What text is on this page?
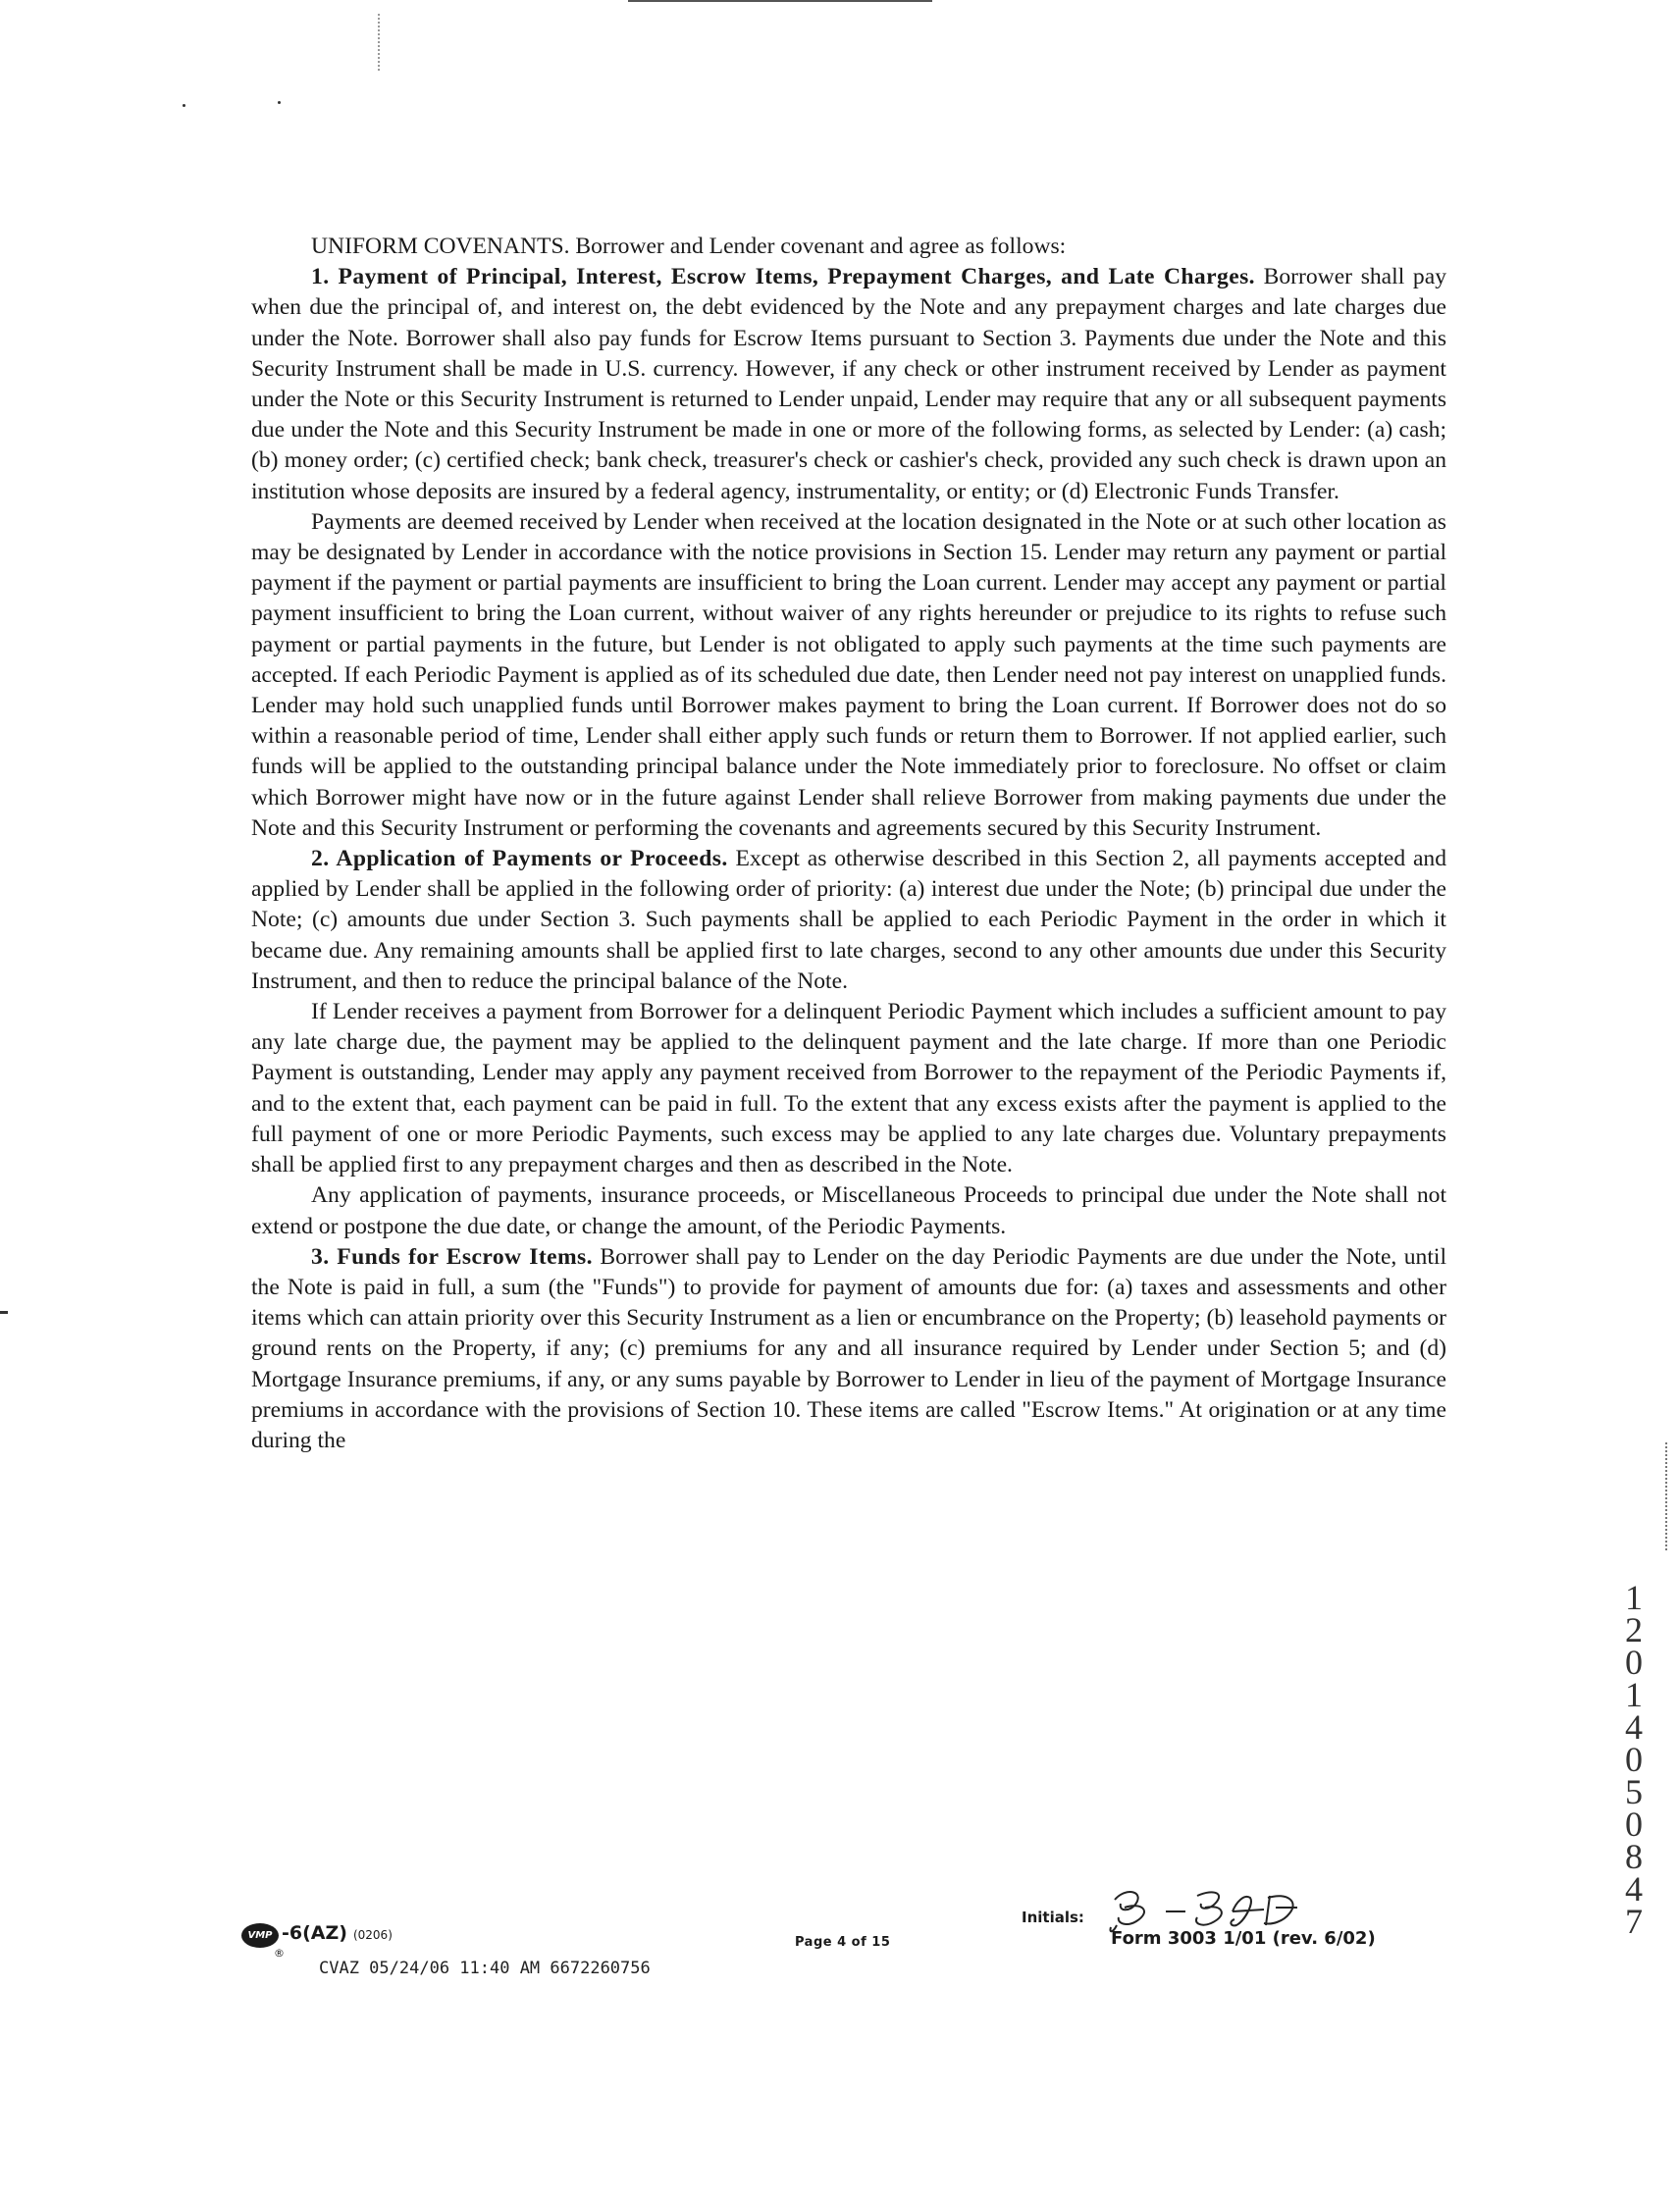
UNIFORM COVENANTS. Borrower and Lender covenant and agree as follows:

1. Payment of Principal, Interest, Escrow Items, Prepayment Charges, and Late Charges. Borrower shall pay when due the principal of, and interest on, the debt evidenced by the Note and any prepayment charges and late charges due under the Note. Borrower shall also pay funds for Escrow Items pursuant to Section 3. Payments due under the Note and this Security Instrument shall be made in U.S. currency. However, if any check or other instrument received by Lender as payment under the Note or this Security Instrument is returned to Lender unpaid, Lender may require that any or all subsequent payments due under the Note and this Security Instrument be made in one or more of the following forms, as selected by Lender: (a) cash; (b) money order; (c) certified check; bank check, treasurer's check or cashier's check, provided any such check is drawn upon an institution whose deposits are insured by a federal agency, instrumentality, or entity; or (d) Electronic Funds Transfer.

Payments are deemed received by Lender when received at the location designated in the Note or at such other location as may be designated by Lender in accordance with the notice provisions in Section 15. Lender may return any payment or partial payment if the payment or partial payments are insufficient to bring the Loan current. Lender may accept any payment or partial payment insufficient to bring the Loan current, without waiver of any rights hereunder or prejudice to its rights to refuse such payment or partial payments in the future, but Lender is not obligated to apply such payments at the time such payments are accepted. If each Periodic Payment is applied as of its scheduled due date, then Lender need not pay interest on unapplied funds. Lender may hold such unapplied funds until Borrower makes payment to bring the Loan current. If Borrower does not do so within a reasonable period of time, Lender shall either apply such funds or return them to Borrower. If not applied earlier, such funds will be applied to the outstanding principal balance under the Note immediately prior to foreclosure. No offset or claim which Borrower might have now or in the future against Lender shall relieve Borrower from making payments due under the Note and this Security Instrument or performing the covenants and agreements secured by this Security Instrument.

2. Application of Payments or Proceeds. Except as otherwise described in this Section 2, all payments accepted and applied by Lender shall be applied in the following order of priority: (a) interest due under the Note; (b) principal due under the Note; (c) amounts due under Section 3. Such payments shall be applied to each Periodic Payment in the order in which it became due. Any remaining amounts shall be applied first to late charges, second to any other amounts due under this Security Instrument, and then to reduce the principal balance of the Note.

If Lender receives a payment from Borrower for a delinquent Periodic Payment which includes a sufficient amount to pay any late charge due, the payment may be applied to the delinquent payment and the late charge. If more than one Periodic Payment is outstanding, Lender may apply any payment received from Borrower to the repayment of the Periodic Payments if, and to the extent that, each payment can be paid in full. To the extent that any excess exists after the payment is applied to the full payment of one or more Periodic Payments, such excess may be applied to any late charges due. Voluntary prepayments shall be applied first to any prepayment charges and then as described in the Note.

Any application of payments, insurance proceeds, or Miscellaneous Proceeds to principal due under the Note shall not extend or postpone the due date, or change the amount, of the Periodic Payments.

3. Funds for Escrow Items. Borrower shall pay to Lender on the day Periodic Payments are due under the Note, until the Note is paid in full, a sum (the "Funds") to provide for payment of amounts due for: (a) taxes and assessments and other items which can attain priority over this Security Instrument as a lien or encumbrance on the Property; (b) leasehold payments or ground rents on the Property, if any; (c) premiums for any and all insurance required by Lender under Section 5; and (d) Mortgage Insurance premiums, if any, or any sums payable by Borrower to Lender in lieu of the payment of Mortgage Insurance premiums in accordance with the provisions of Section 10. These items are called "Escrow Items." At origination or at any time during the

1
2
0
1
4
0
5
0
8
4
7
VMP
®
-6(AZ) (0206)
CVAZ 05/24/06 11:40 AM 6672260756
Page 4 of 15
Initials:
Form 3003 1/01 (rev. 6/02)
